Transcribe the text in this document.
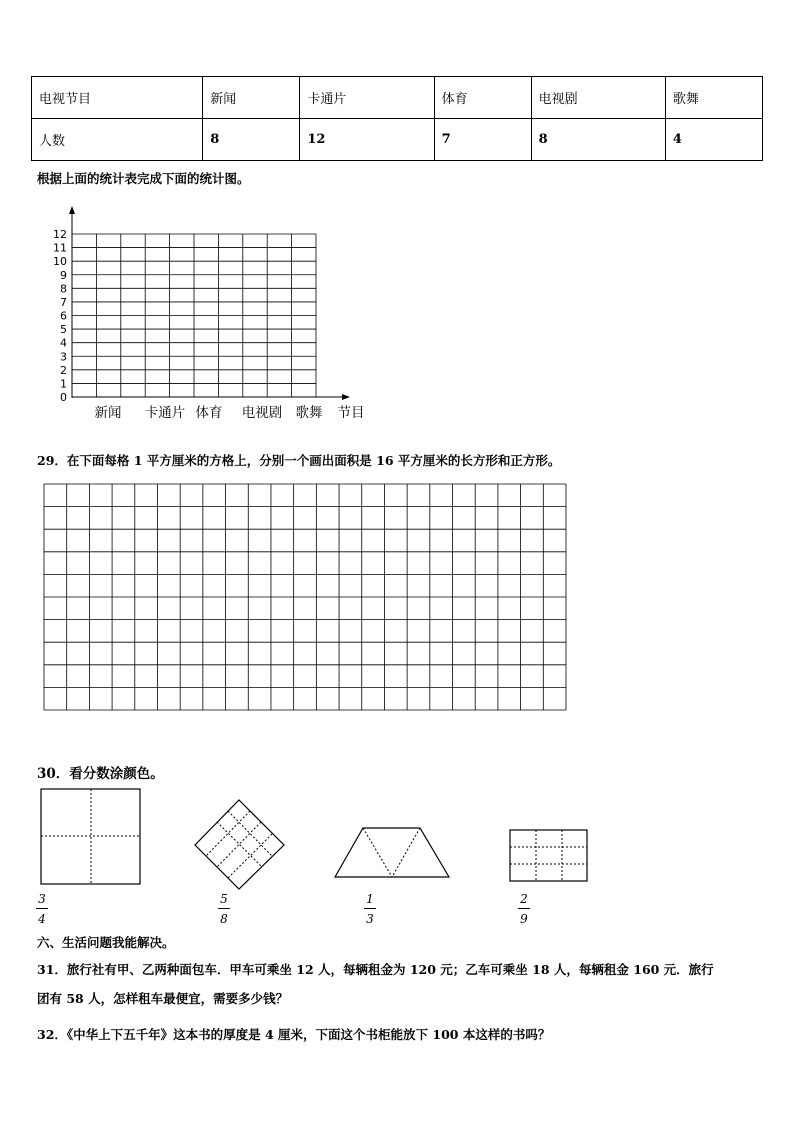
电视节目	新闻	卡通片	体育	电视剧	歌舞
人数	8	12	7	8	4
根据上面的统计表完成下面的统计图。
0
1
2
3
4
5
6
7
8
9
10
11
12
新闻 卡通片 体育 电视剧 歌舞 节目
29．在下面每格 1 平方厘米的方格上，分别一个画出面积是 16 平方厘米的长方形和正方形。
30．看分数涂颜色。
3
4
5
8
1
3
2
9
六、生活问题我能解决。
31．旅行社有甲、乙两种面包车．甲车可乘坐 12 人，每辆租金为 120 元；乙车可乘坐 18 人，每辆租金 160 元．旅行
团有 58 人，怎样租车最便宜，需要多少钱？
32．《中华上下五千年》这本书的厚度是 4 厘米，下面这个书柜能放下 100 本这样的书吗？
